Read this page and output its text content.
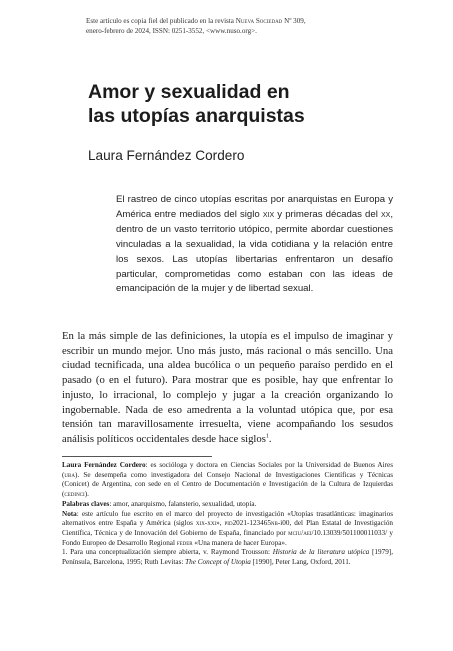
Este artículo es copia fiel del publicado en la revista Nueva Sociedad Nº 309,
enero-febrero de 2024, ISSN: 0251-3552, <www.nuso.org>.
Amor y sexualidad en
las utopías anarquistas

Laura Fernández Cordero

El rastreo de cinco utopías escritas por anarquistas en Europa y América entre mediados del siglo xix y primeras décadas del xx, dentro de un vasto territorio utópico, permite abordar cuestiones vinculadas a la sexualidad, la vida cotidiana y la relación entre los sexos. Las utopías libertarias enfrentaron un desafío particular, comprometidas como estaban con las ideas de emancipación de la mujer y de libertad sexual.

En la más simple de las definiciones, la utopía es el impulso de imaginar y escribir un mundo mejor. Uno más justo, más racional o más sencillo. Una ciudad tecnificada, una aldea bucólica o un pequeño paraíso perdido en el pasado (o en el futuro). Para mostrar que es posible, hay que enfrentar lo injusto, lo irracional, lo complejo y jugar a la creación organizando lo ingobernable. Nada de eso amedrenta a la voluntad utópica que, por esa tensión tan maravillosamente irresuelta, viene acompañando los sesudos análisis políticos occidentales desde hace siglos$^1$.

Laura Fernández Cordero: es socióloga y doctora en Ciencias Sociales por la Universidad de Buenos Aires (uba). Se desempeña como investigadora del Consejo Nacional de Investigaciones Científicas y Técnicas (Conicet) de Argentina, con sede en el Centro de Documentación e Investigación de la Cultura de Izquierdas (cedinci).

Palabras claves: amor, anarquismo, falansterio, sexualidad, utopía.

Nota: este artículo fue escrito en el marco del proyecto de investigación «Utopías trasatlánticas: imaginarios alternativos entre España y América (siglos xix-xxi», pid2021-123465nb-i00, del Plan Estatal de Investigación Científica, Técnica y de Innovación del Gobierno de España, financiado por mciu/aei/10.13039/501100011033/ y Fondo Europeo de Desarrollo Regional feder «Una manera de hacer Europa».

1. Para una conceptualización siempre abierta, v. Raymond Trousson: Historia de la literatura utópica [1979], Península, Barcelona, 1995; Ruth Levitas: The Concept of Utopia [1990], Peter Lang, Oxford, 2011.
